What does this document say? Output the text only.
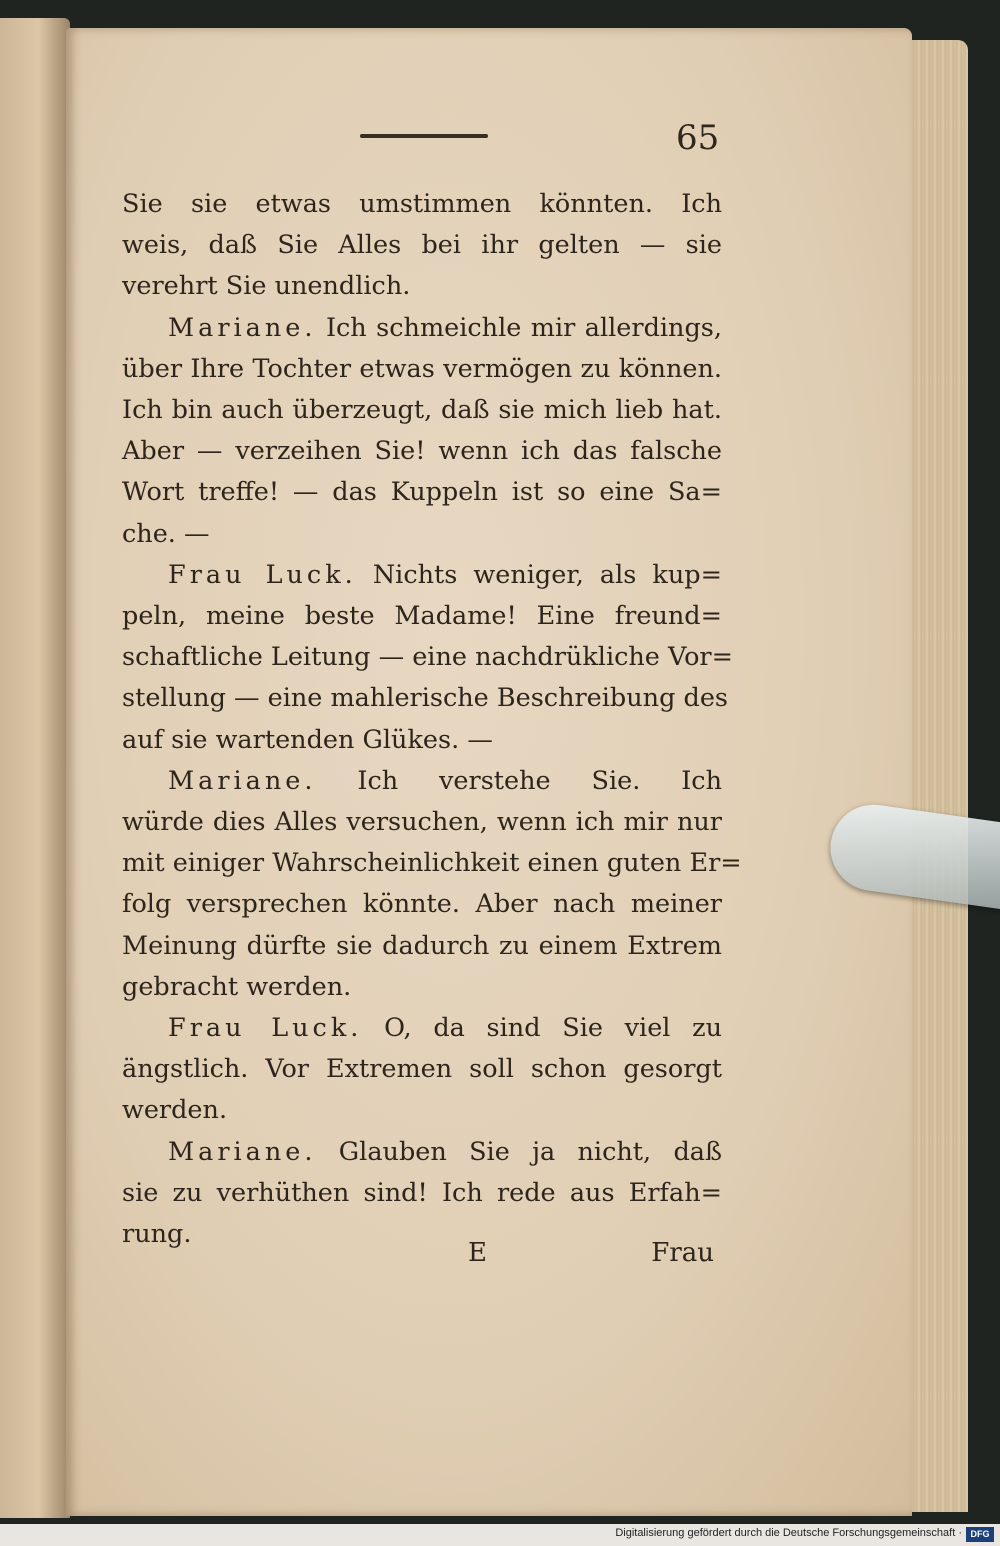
65
Sie sie etwas umstimmen könnten. Ich
weis, daß Sie Alles bei ihr gelten — sie
verehrt Sie unendlich.
Mariane. Ich schmeichle mir allerdings,
über Ihre Tochter etwas vermögen zu können.
Ich bin auch überzeugt, daß sie mich lieb hat.
Aber — verzeihen Sie! wenn ich das falsche
Wort treffe! — das Kuppeln ist so eine Sa=
che. —
Frau Luck. Nichts weniger, als kup=
peln, meine beste Madame! Eine freund=
schaftliche Leitung — eine nachdrükliche Vor=
stellung — eine mahlerische Beschreibung des
auf sie wartenden Glükes. —
Mariane. Ich verstehe Sie. Ich
würde dies Alles versuchen, wenn ich mir nur
mit einiger Wahrscheinlichkeit einen guten Er=
folg versprechen könnte. Aber nach meiner
Meinung dürfte sie dadurch zu einem Extrem
gebracht werden.
Frau Luck. O, da sind Sie viel zu
ängstlich. Vor Extremen soll schon gesorgt
werden.
Mariane. Glauben Sie ja nicht, daß
sie zu verhüthen sind! Ich rede aus Erfah=
rung.
E	Frau
Digitalisierung gefördert durch die Deutsche Forschungsgemeinschaft · DFG
